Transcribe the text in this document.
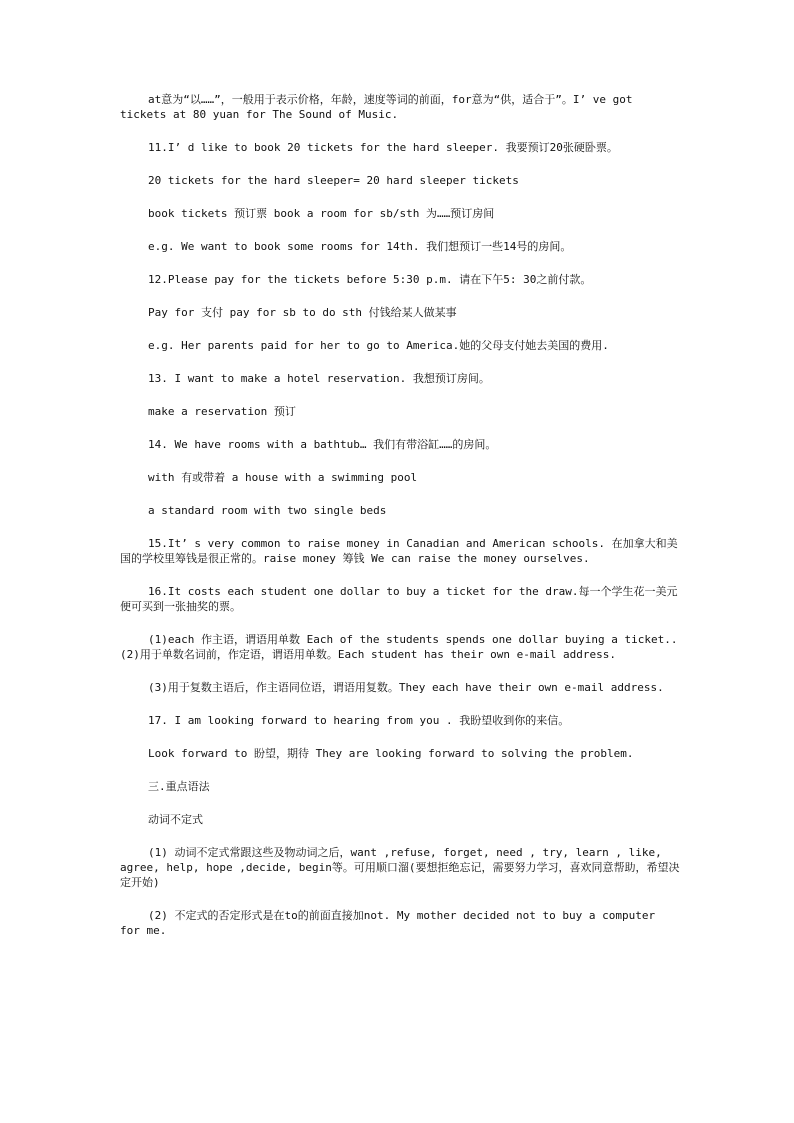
at意为“以……”，一般用于表示价格，年龄，速度等词的前面，for意为“供，适合于”。I’ ve got tickets at 80 yuan for The Sound of Music.

11.I’ d like to book 20 tickets for the hard sleeper. 我要预订20张硬卧票。

20 tickets for the hard sleeper= 20 hard sleeper tickets

book tickets 预订票 book a room for sb/sth 为……预订房间

e.g. We want to book some rooms for 14th. 我们想预订一些14号的房间。

12.Please pay for the tickets before 5:30 p.m. 请在下午5: 30之前付款。

Pay for 支付 pay for sb to do sth 付钱给某人做某事

e.g. Her parents paid for her to go to America.她的父母支付她去美国的费用.

13. I want to make a hotel reservation. 我想预订房间。

make a reservation 预订

14. We have rooms with a bathtub… 我们有带浴缸……的房间。

with 有或带着 a house with a swimming pool

a standard room with two single beds

15.It’ s very common to raise money in Canadian and American schools. 在加拿大和美国的学校里筹钱是很正常的。raise money 筹钱 We can raise the money ourselves.

16.It costs each student one dollar to buy a ticket for the draw.每一个学生花一美元便可买到一张抽奖的票。

(1)each 作主语，谓语用单数 Each of the students spends one dollar buying a ticket.. (2)用于单数名词前，作定语，谓语用单数。Each student has their own e-mail address.

(3)用于复数主语后，作主语同位语，谓语用复数。They each have their own e-mail address.

17. I am looking forward to hearing from you . 我盼望收到你的来信。

Look forward to 盼望，期待 They are looking forward to solving the problem.

三.重点语法

动词不定式

(1) 动词不定式常跟这些及物动词之后，want ,refuse, forget, need , try, learn , like, agree, help, hope ,decide, begin等。可用顺口溜(要想拒绝忘记，需要努力学习，喜欢同意帮助，希望决定开始)

(2) 不定式的否定形式是在to的前面直接加not. My mother decided not to buy a computer for me.
